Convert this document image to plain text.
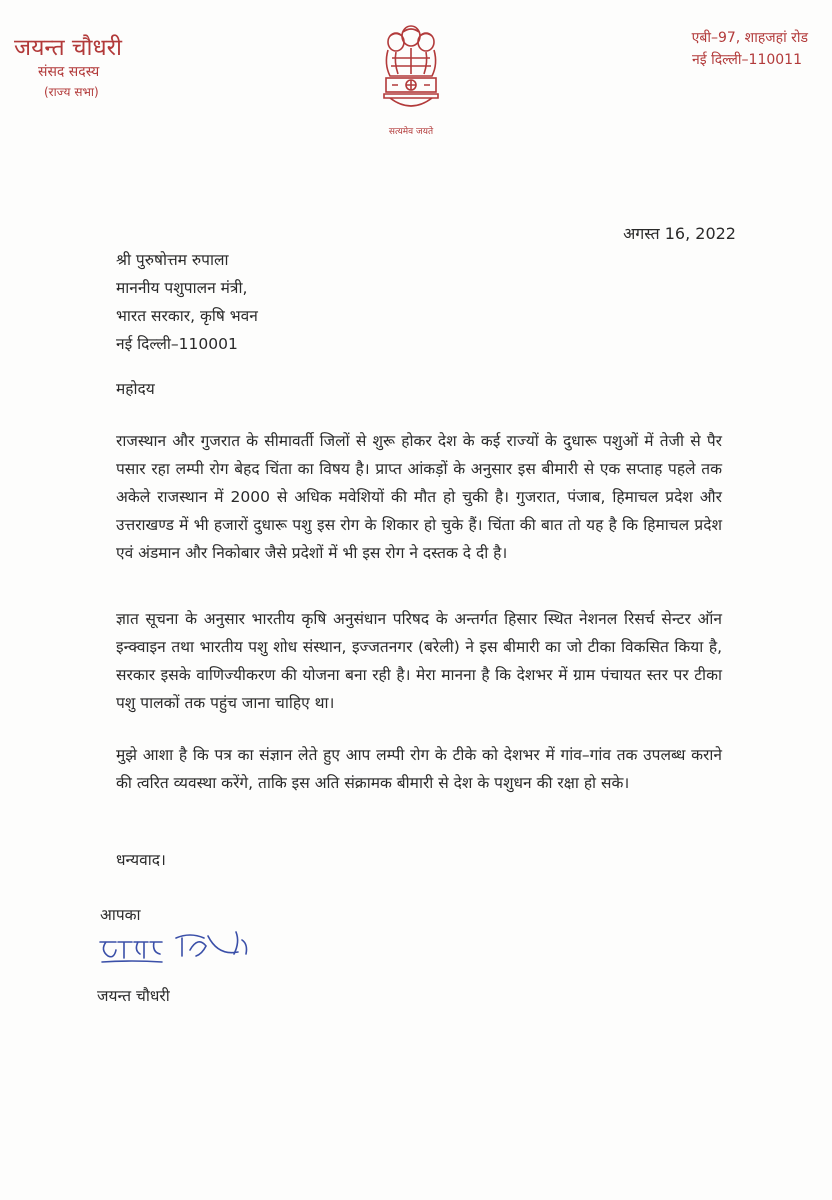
जयन्त चौधरी
संसद सदस्य
(राज्य सभा)
सत्यमेव जयते
एबी–97, शाहजहां रोड
नई दिल्ली–110011
अगस्त 16, 2022
श्री पुरुषोत्तम रुपाला
माननीय पशुपालन मंत्री,
भारत सरकार, कृषि भवन
नई दिल्ली–110001
महोदय
राजस्थान और गुजरात के सीमावर्ती जिलों से शुरू होकर देश के कई राज्यों के दुधारू पशुओं में तेजी से पैर पसार रहा लम्पी रोग बेहद चिंता का विषय है। प्राप्त आंकड़ों के अनुसार इस बीमारी से एक सप्ताह पहले तक अकेले राजस्थान में 2000 से अधिक मवेशियों की मौत हो चुकी है। गुजरात, पंजाब, हिमाचल प्रदेश और उत्तराखण्ड में भी हजारों दुधारू पशु इस रोग के शिकार हो चुके हैं। चिंता की बात तो यह है कि हिमाचल प्रदेश एवं अंडमान और निकोबार जैसे प्रदेशों में भी इस रोग ने दस्तक दे दी है।
ज्ञात सूचना के अनुसार भारतीय कृषि अनुसंधान परिषद के अन्तर्गत हिसार स्थित नेशनल रिसर्च सेन्टर ऑन इन्क्वाइन तथा भारतीय पशु शोध संस्थान, इज्जतनगर (बरेली) ने इस बीमारी का जो टीका विकसित किया है, सरकार इसके वाणिज्यीकरण की योजना बना रही है। मेरा मानना है कि देशभर में ग्राम पंचायत स्तर पर टीका पशु पालकों तक पहुंच जाना चाहिए था।
मुझे आशा है कि पत्र का संज्ञान लेते हुए आप लम्पी रोग के टीके को देशभर में गांव–गांव तक उपलब्ध कराने की त्वरित व्यवस्था करेंगे, ताकि इस अति संक्रामक बीमारी से देश के पशुधन की रक्षा हो सके।
धन्यवाद।
आपका
जयन्त चौधरी
